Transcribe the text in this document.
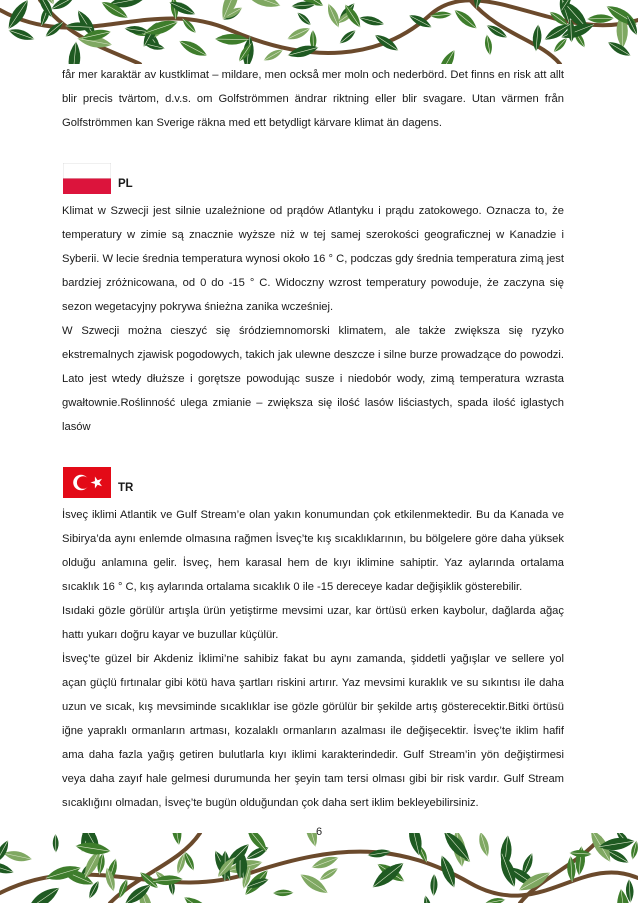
får mer karaktär av kustklimat – mildare, men också mer moln och nederbörd. Det finns en risk att allt blir precis tvärtom, d.v.s. om Golfströmmen ändrar riktning eller blir svagare. Utan värmen från Golfströmmen kan Sverige räkna med ett betydligt kärvare klimat än dagens.

PL

Klimat w Szwecji jest silnie uzależnione od prądów Atlantyku i prądu zatokowego. Oznacza to, że temperatury w zimie są znacznie wyższe niż w tej samej szerokości geograficznej w Kanadzie i Syberii. W lecie średnia temperatura wynosi około 16 ° C, podczas gdy średnia temperatura zimą jest bardziej zróżnicowana, od 0 do -15 ° C. Widoczny wzrost temperatury powoduje, że zaczyna się sezon wegetacyjny pokrywa śnieżna zanika wcześniej.

W Szwecji można cieszyć się śródziemnomorski klimatem, ale także zwiększa się ryzyko ekstremalnych zjawisk pogodowych, takich jak ulewne deszcze i silne burze prowadzące do powodzi. Lato jest wtedy dłuższe i gorętsze powodując susze i niedobór wody, zimą temperatura wzrasta gwałtownie.Roślinność ulega zmianie – zwiększa się ilość lasów liściastych, spada ilość iglastych lasów

TR

İsveç iklimi Atlantik ve Gulf Stream’e olan yakın konumundan çok etkilenmektedir. Bu da Kanada ve Sibirya’da aynı enlemde olmasına rağmen İsveç’te kış sıcaklıklarının, bu bölgelere göre daha yüksek olduğu anlamına gelir. İsveç, hem karasal hem de kıyı iklimine sahiptir. Yaz aylarında ortalama sıcaklık 16 ° C, kış aylarında ortalama sıcaklık 0 ile -15 dereceye kadar değişiklik gösterebilir.

Isıdaki gözle görülür artışla ürün yetiştirme mevsimi uzar, kar örtüsü erken kaybolur, dağlarda ağaç hattı yukarı doğru kayar ve buzullar küçülür.

İsveç’te güzel bir Akdeniz İklimi’ne sahibiz fakat bu aynı zamanda, şiddetli yağışlar ve sellere yol açan güçlü fırtınalar gibi kötü hava şartları riskini artırır. Yaz mevsimi kuraklık ve su sıkıntısı ile daha uzun ve sıcak, kış mevsiminde sıcaklıklar ise gözle görülür bir şekilde artış gösterecektir.Bitki örtüsü iğne yapraklı ormanların artması, kozalaklı ormanların azalması ile değişecektir. İsveç’te iklim hafif ama daha fazla yağış getiren bulutlarla kıyı iklimi karakterindedir. Gulf Stream’in yön değiştirmesi veya daha zayıf hale gelmesi durumunda her şeyin tam tersi olması gibi bir risk vardır. Gulf Stream sıcaklığını olmadan, İsveç’te bugün olduğundan çok daha sert iklim bekleyebilirsiniz.

6
